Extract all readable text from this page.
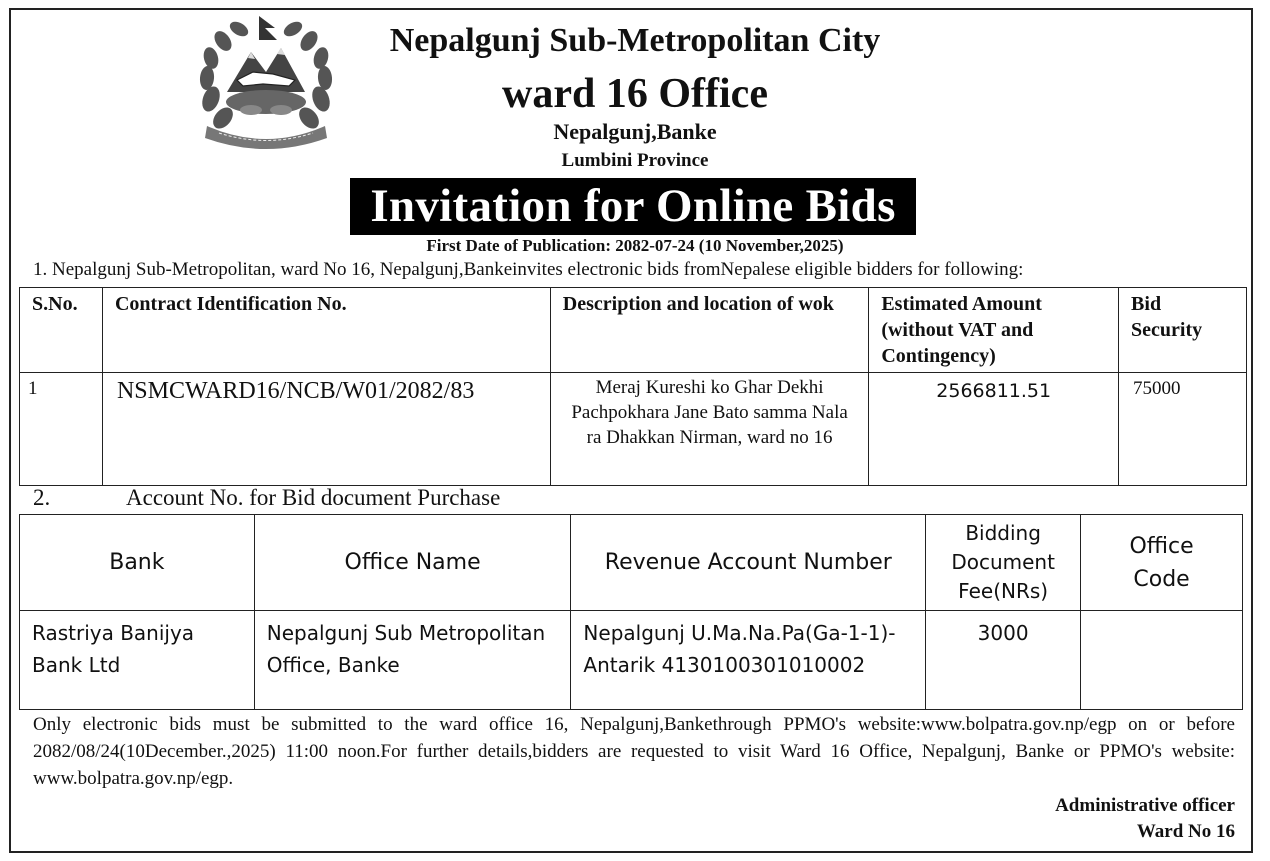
Nepalgunj Sub-Metropolitan City
ward 16 Office
Nepalgunj,Banke
Lumbini Province
Invitation for Online Bids
First Date of Publication: 2082-07-24 (10 November,2025)
1. Nepalgunj Sub-Metropolitan, ward No 16, Nepalgunj,Bankeinvites electronic bids fromNepalese eligible bidders for following:
S.No.	Contract Identification No.	Description and location of wok	Estimated Amount (without VAT and Contingency)	Bid Security
1	NSMCWARD16/NCB/W01/2082/83	Meraj Kureshi ko Ghar Dekhi Pachpokhara Jane Bato samma Nala ra Dhakkan Nirman, ward no 16	2566811.51	75000
2.	Account No. for Bid document Purchase
Bank	Office Name	Revenue Account Number	Bidding Document Fee(NRs)	Office Code
Rastriya Banijya Bank Ltd	Nepalgunj Sub Metropolitan Office, Banke	Nepalgunj U.Ma.Na.Pa(Ga-1-1)-Antarik 4130100301010002	3000	
Only electronic bids must be submitted to the ward office 16, Nepalgunj,Bankethrough PPMO's website:www.bolpatra.gov.np/egp on or before 2082/08/24(10December.,2025) 11:00 noon.For further details,bidders are requested to visit Ward 16 Office, Nepalgunj, Banke or PPMO's website: www.bolpatra.gov.np/egp.
Administrative officer
Ward No 16
